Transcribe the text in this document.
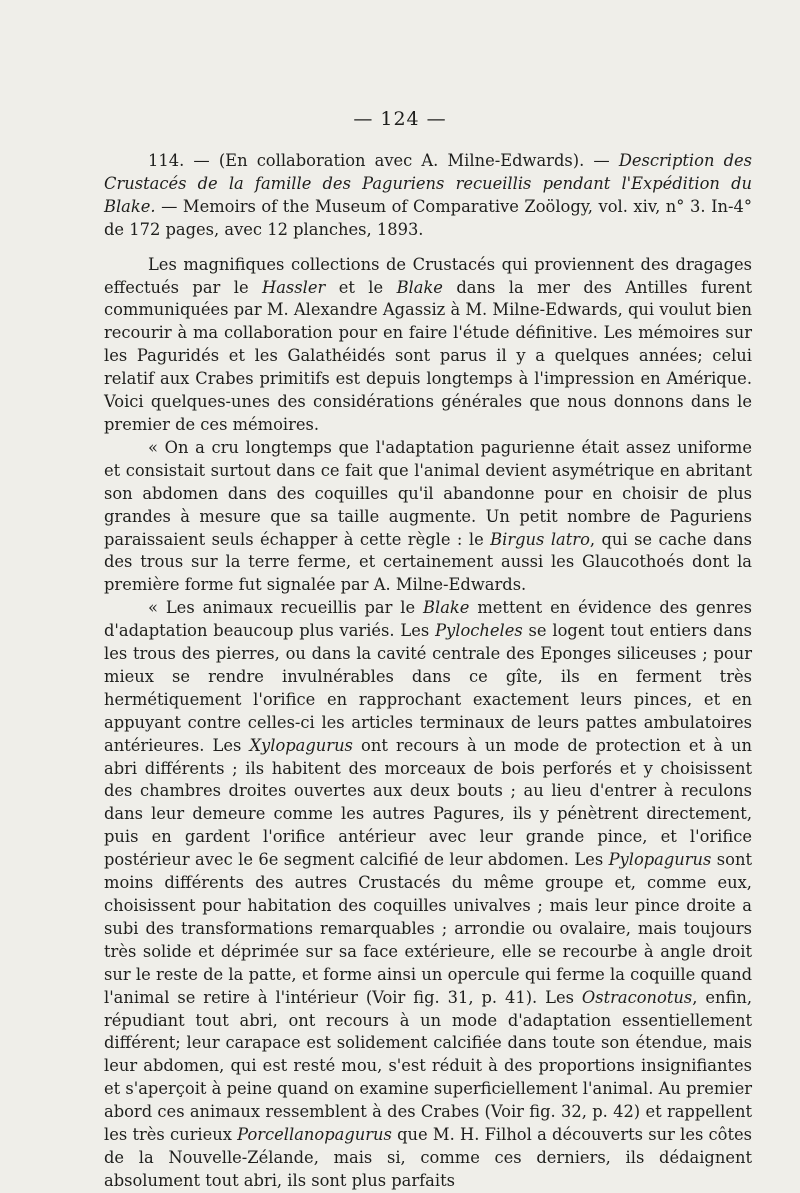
— 124 —

114. — (En collaboration avec A. Milne-Edwards). — Description des Crustacés de la famille des Paguriens recueillis pendant l'Expédition du Blake. — Memoirs of the Museum of Comparative Zoölogy, vol. xiv, n° 3. In-4° de 172 pages, avec 12 planches, 1893.

Les magnifiques collections de Crustacés qui proviennent des dragages effectués par le Hassler et le Blake dans la mer des Antilles furent communiquées par M. Alexandre Agassiz à M. Milne-Edwards, qui voulut bien recourir à ma collaboration pour en faire l'étude définitive. Les mémoires sur les Paguridés et les Galathéidés sont parus il y a quelques années; celui relatif aux Crabes primitifs est depuis longtemps à l'impression en Amérique. Voici quelques-unes des considérations générales que nous donnons dans le premier de ces mémoires.

« On a cru longtemps que l'adaptation pagurienne était assez uniforme et consistait surtout dans ce fait que l'animal devient asymétrique en abritant son abdomen dans des coquilles qu'il abandonne pour en choisir de plus grandes à mesure que sa taille augmente. Un petit nombre de Paguriens paraissaient seuls échapper à cette règle : le Birgus latro, qui se cache dans des trous sur la terre ferme, et certainement aussi les Glaucothoés dont la première forme fut signalée par A. Milne-Edwards.

« Les animaux recueillis par le Blake mettent en évidence des genres d'adaptation beaucoup plus variés. Les Pylocheles se logent tout entiers dans les trous des pierres, ou dans la cavité centrale des Eponges siliceuses ; pour mieux se rendre invulnérables dans ce gîte, ils en ferment très hermétiquement l'orifice en rapprochant exactement leurs pinces, et en appuyant contre celles-ci les articles terminaux de leurs pattes ambulatoires antérieures. Les Xylopagurus ont recours à un mode de protection et à un abri différents ; ils habitent des morceaux de bois perforés et y choisissent des chambres droites ouvertes aux deux bouts ; au lieu d'entrer à reculons dans leur demeure comme les autres Pagures, ils y pénètrent directement, puis en gardent l'orifice antérieur avec leur grande pince, et l'orifice postérieur avec le 6e segment calcifié de leur abdomen. Les Pylopagurus sont moins différents des autres Crustacés du même groupe et, comme eux, choisissent pour habitation des coquilles univalves ; mais leur pince droite a subi des transformations remarquables ; arrondie ou ovalaire, mais toujours très solide et déprimée sur sa face extérieure, elle se recourbe à angle droit sur le reste de la patte, et forme ainsi un opercule qui ferme la coquille quand l'animal se retire à l'intérieur (Voir fig. 31, p. 41). Les Ostraconotus, enfin, répudiant tout abri, ont recours à un mode d'adaptation essentiellement différent; leur carapace est solidement calcifiée dans toute son étendue, mais leur abdomen, qui est resté mou, s'est réduit à des proportions insignifiantes et s'aperçoit à peine quand on examine superficiellement l'animal. Au premier abord ces animaux ressemblent à des Crabes (Voir fig. 32, p. 42) et rappellent les très curieux Porcellanopagurus que M. H. Filhol a découverts sur les côtes de la Nouvelle-Zélande, mais si, comme ces derniers, ils dédaignent absolument tout abri, ils sont plus parfaits
